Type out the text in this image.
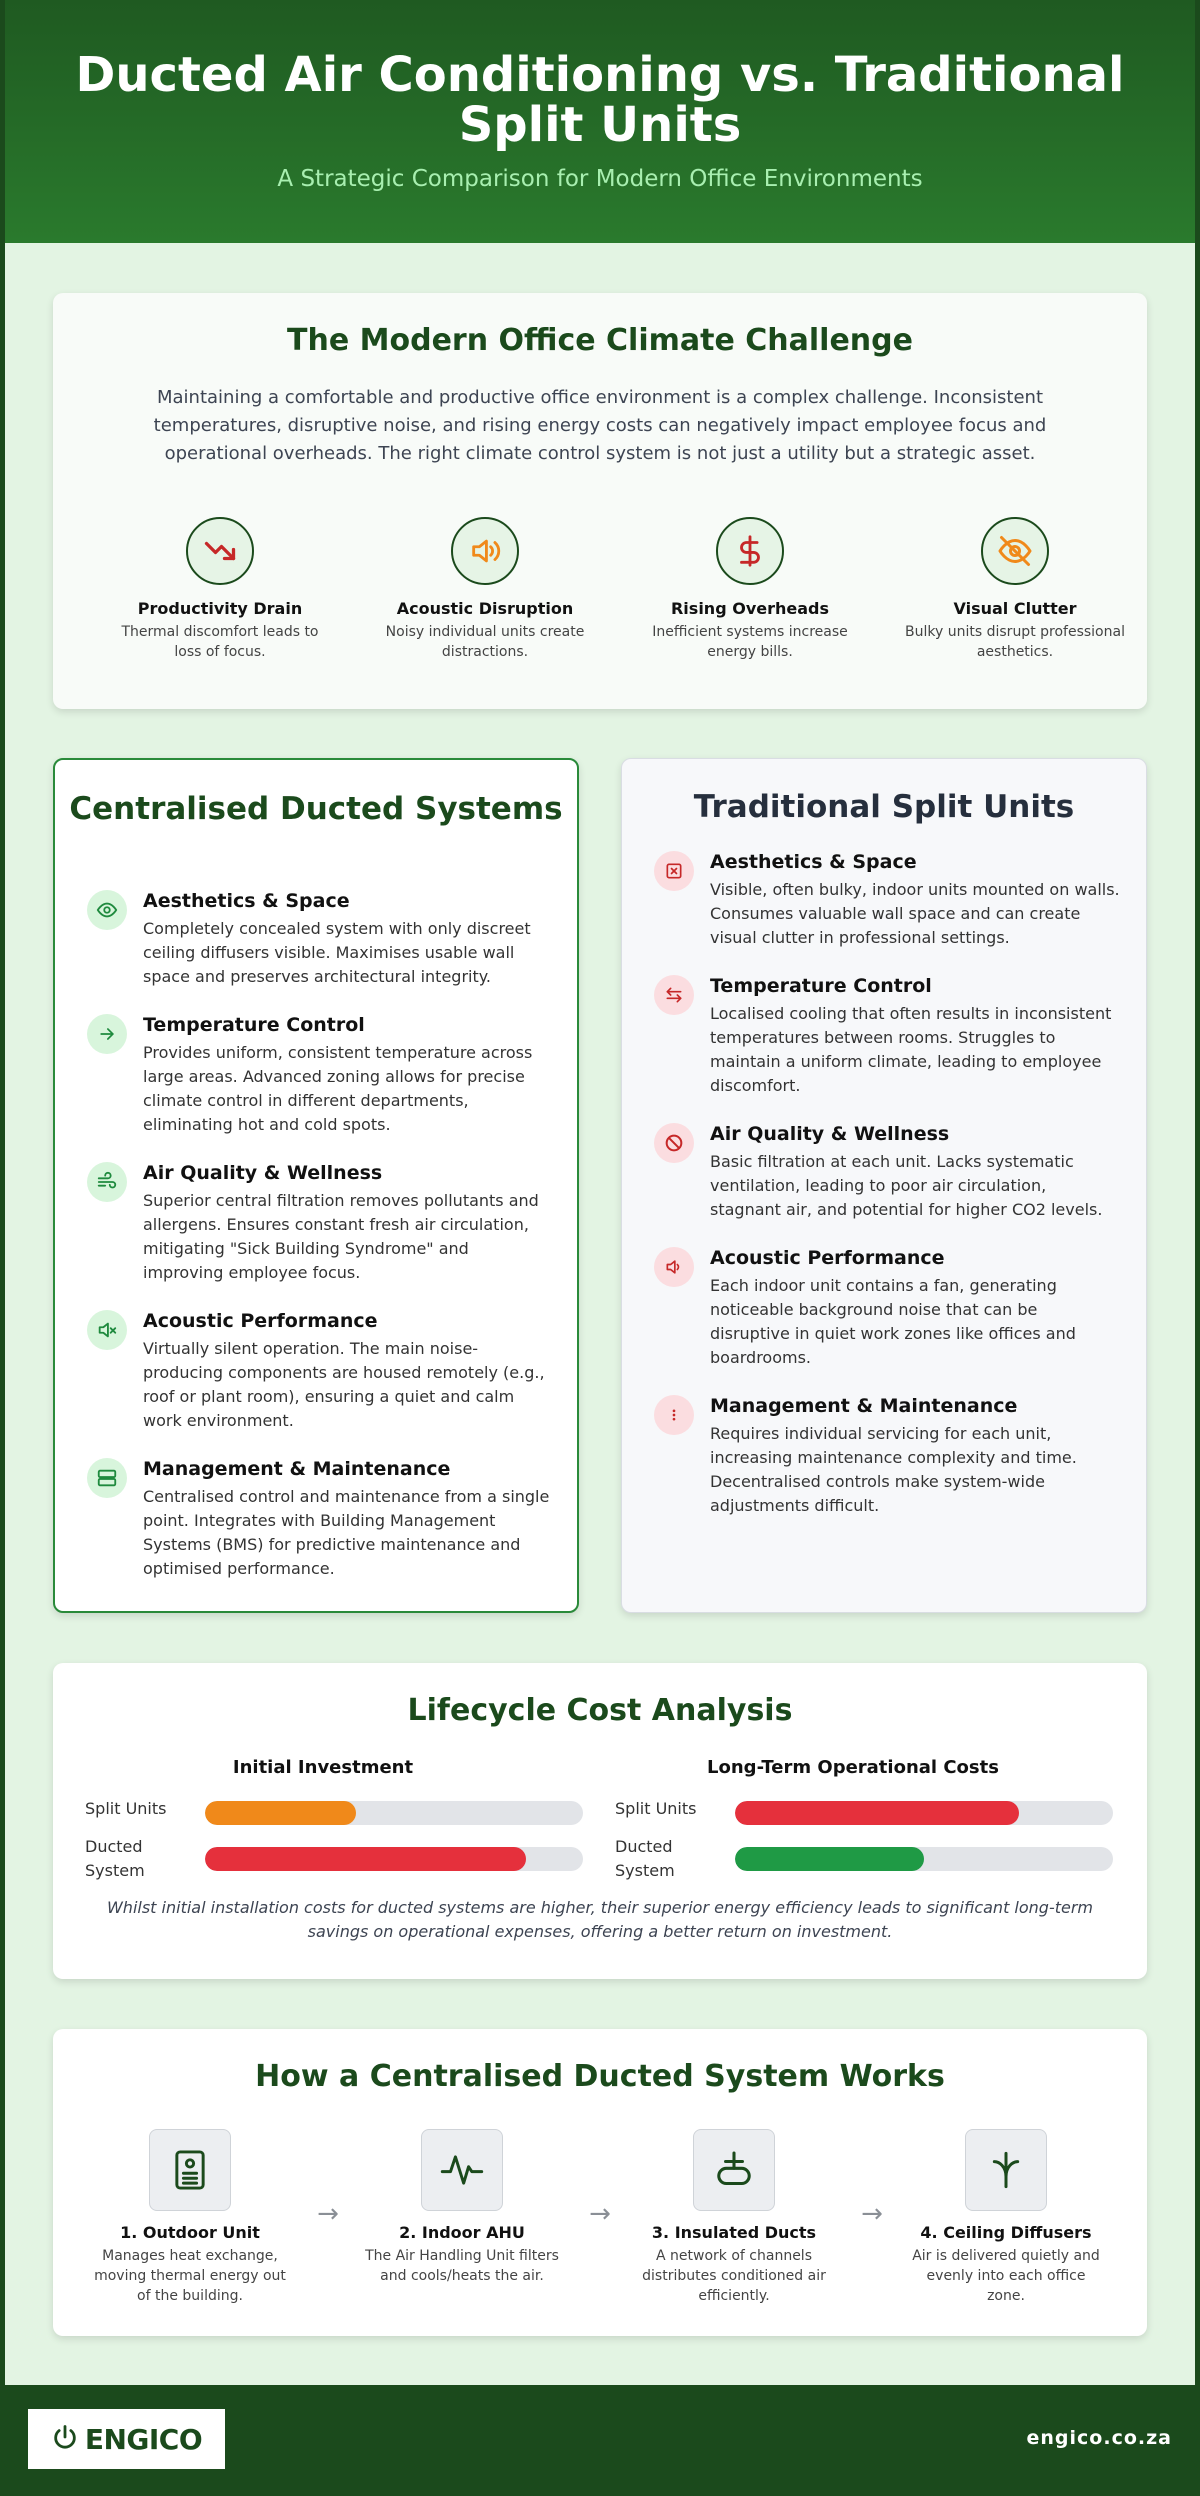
Ducted Air Conditioning vs. Traditional Split Units
A Strategic Comparison for Modern Office Environments
The Modern Office Climate Challenge
Maintaining a comfortable and productive office environment is a complex challenge. Inconsistent temperatures, disruptive noise, and rising energy costs can negatively impact employee focus and operational overheads. The right climate control system is not just a utility but a strategic asset.
Productivity Drain
Thermal discomfort leads to loss of focus.
Acoustic Disruption
Noisy individual units create distractions.
Rising Overheads
Inefficient systems increase energy bills.
Visual Clutter
Bulky units disrupt professional aesthetics.
Centralised Ducted Systems
Aesthetics & Space
Completely concealed system with only discreet ceiling diffusers visible. Maximises usable wall space and preserves architectural integrity.
Temperature Control
Provides uniform, consistent temperature across large areas. Advanced zoning allows for precise climate control in different departments, eliminating hot and cold spots.
Air Quality & Wellness
Superior central filtration removes pollutants and allergens. Ensures constant fresh air circulation, mitigating "Sick Building Syndrome" and improving employee focus.
Acoustic Performance
Virtually silent operation. The main noise-producing components are housed remotely (e.g., roof or plant room), ensuring a quiet and calm work environment.
Management & Maintenance
Centralised control and maintenance from a single point. Integrates with Building Management Systems (BMS) for predictive maintenance and optimised performance.
Traditional Split Units
Aesthetics & Space
Visible, often bulky, indoor units mounted on walls. Consumes valuable wall space and can create visual clutter in professional settings.
Temperature Control
Localised cooling that often results in inconsistent temperatures between rooms. Struggles to maintain a uniform climate, leading to employee discomfort.
Air Quality & Wellness
Basic filtration at each unit. Lacks systematic ventilation, leading to poor air circulation, stagnant air, and potential for higher CO2 levels.
Acoustic Performance
Each indoor unit contains a fan, generating noticeable background noise that can be disruptive in quiet work zones like offices and boardrooms.
Management & Maintenance
Requires individual servicing for each unit, increasing maintenance complexity and time. Decentralised controls make system-wide adjustments difficult.
Lifecycle Cost Analysis
Initial Investment
Split Units
Ducted System
Long-Term Operational Costs
Split Units
Ducted System
Whilst initial installation costs for ducted systems are higher, their superior energy efficiency leads to significant long-term savings on operational expenses, offering a better return on investment.
How a Centralised Ducted System Works
1. Outdoor Unit
Manages heat exchange, moving thermal energy out of the building.
→
2. Indoor AHU
The Air Handling Unit filters and cools/heats the air.
→
3. Insulated Ducts
A network of channels distributes conditioned air efficiently.
→
4. Ceiling Diffusers
Air is delivered quietly and evenly into each office zone.
ENGICO	engico.co.za
